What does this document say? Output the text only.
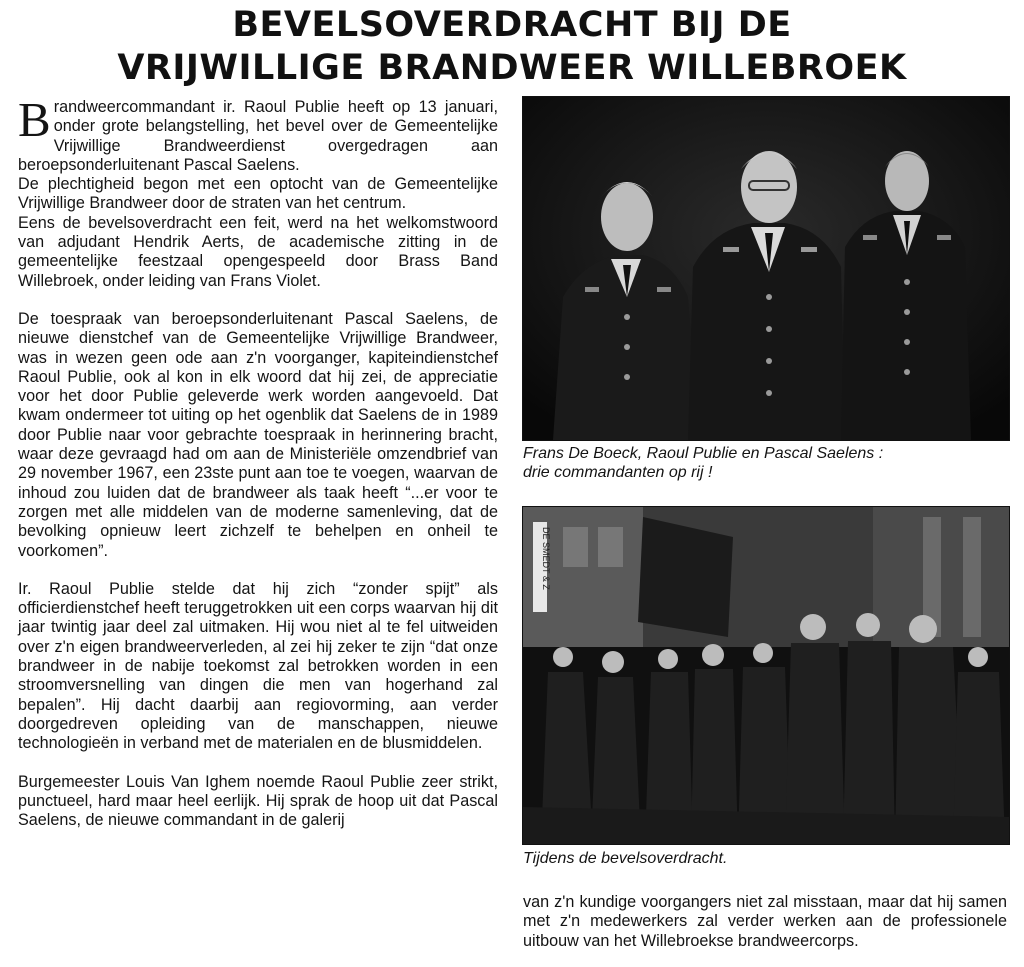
BEVELSOVERDRACHT BIJ DE
VRIJWILLIGE BRANDWEER WILLEBROEK

Brandweercommandant ir. Raoul Publie heeft op 13 januari, onder grote belangstelling, het bevel over de Gemeentelijke Vrijwillige Brandweerdienst overgedragen aan beroepsonderluitenant Pascal Saelens.

De plechtigheid begon met een optocht van de Gemeentelijke Vrijwillige Brandweer door de straten van het centrum.

Eens de bevelsoverdracht een feit, werd na het welkomstwoord van adjudant Hendrik Aerts, de academische zitting in de gemeentelijke feestzaal opengespeeld door Brass Band Willebroek, onder leiding van Frans Violet.

De toespraak van beroepsonderluitenant Pascal Saelens, de nieuwe dienstchef van de Gemeentelijke Vrijwillige Brandweer, was in wezen geen ode aan z'n voorganger, kapiteindienstchef Raoul Publie, ook al kon in elk woord dat hij zei, de appreciatie voor het door Publie geleverde werk worden aangevoeld. Dat kwam ondermeer tot uiting op het ogenblik dat Saelens de in 1989 door Publie naar voor gebrachte toespraak in herinnering bracht, waar deze gevraagd had om aan de Ministeriële omzendbrief van 29 november 1967, een 23ste punt aan toe te voegen, waarvan de inhoud zou luiden dat de brandweer als taak heeft “...er voor te zorgen met alle middelen van de moderne samenleving, dat de bevolking opnieuw leert zichzelf te behelpen en onheil te voorkomen”.

Ir. Raoul Publie stelde dat hij zich “zonder spijt” als officierdienstchef heeft teruggetrokken uit een corps waarvan hij dit jaar twintig jaar deel zal uitmaken. Hij wou niet al te fel uitweiden over z'n eigen brandweerverleden, al zei hij zeker te zijn “dat onze brandweer in de nabije toekomst zal betrokken worden in een stroomversnelling van dingen die men van hogerhand zal bepalen”. Hij dacht daarbij aan regiovorming, aan verder doorgedreven opleiding van de manschappen, nieuwe technologieën in verband met de materialen en de blusmiddelen.

Burgemeester Louis Van Ighem noemde Raoul Publie zeer strikt, punctueel, hard maar heel eerlijk. Hij sprak de hoop uit dat Pascal Saelens, de nieuwe commandant in de galerij

Frans De Boeck, Raoul Publie en Pascal Saelens :
drie commandanten op rij !
DE SMEDT & Z
Tijdens de bevelsoverdracht.

van z'n kundige voorgangers niet zal misstaan, maar dat hij samen met z'n medewerkers zal verder werken aan de professionele uitbouw van het Willebroekse brandweercorps.
